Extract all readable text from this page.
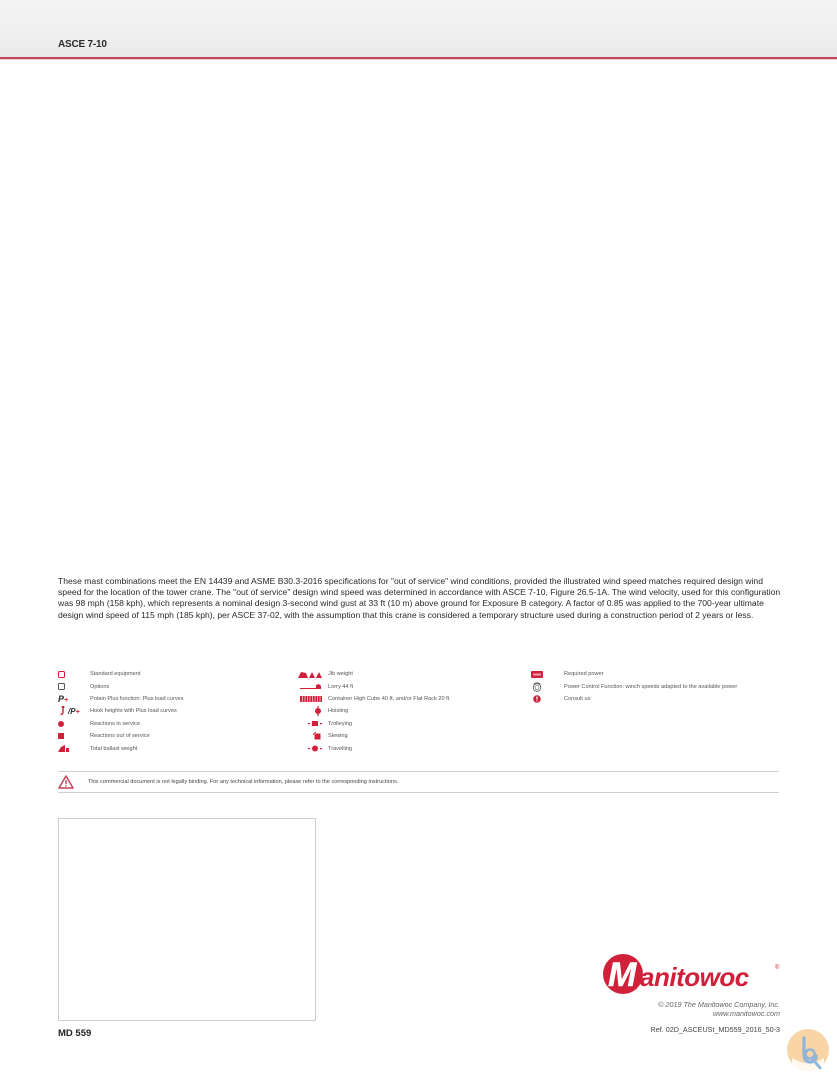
ASCE 7-10

These mast combinations meet the EN 14439 and ASME B30.3-2016 specifications for "out of service" wind conditions, provided the illustrated wind speed matches required design wind speed for the location of the tower crane. The "out of service" design wind speed was determined in accordance with ASCE 7-10, Figure 26.5-1A. The wind velocity, used for this configuration was 98 mph (158 kph), which represents a nominal design 3-second wind gust at 33 ft (10 m) above ground for Exposure B category. A factor of 0.85 was applied to the 700-year ultimate design wind speed of 115 mph (185 kph), per ASCE 37-02, with the assumption that this crane is considered a temporary structure used during a construction period of 2 years or less.

Standard equipment
Options
P+	Potain Plus function: Plus load curves
/P+ Hook heights with Plus load curves
Reactions in service
Reactions out of service
Total ballast weight
Jib weight
Lorry 44 ft
Container High Cube 40 ft, and/or Flat Rack 20 ft
Hoisting
Trolleying
Slewing
Travelling
Required power
Power Control Function: winch speeds adapted to the available power
Consult us
This commercial document is not legally binding. For any technical information, please refer to the corresponding instructions.
MD 559
M anitowoc	®
© 2019 The Manitowoc Company, Inc.
www.manitowoc.com
Ref. 02D_ASCEUSt_MD559_2016_50-3
